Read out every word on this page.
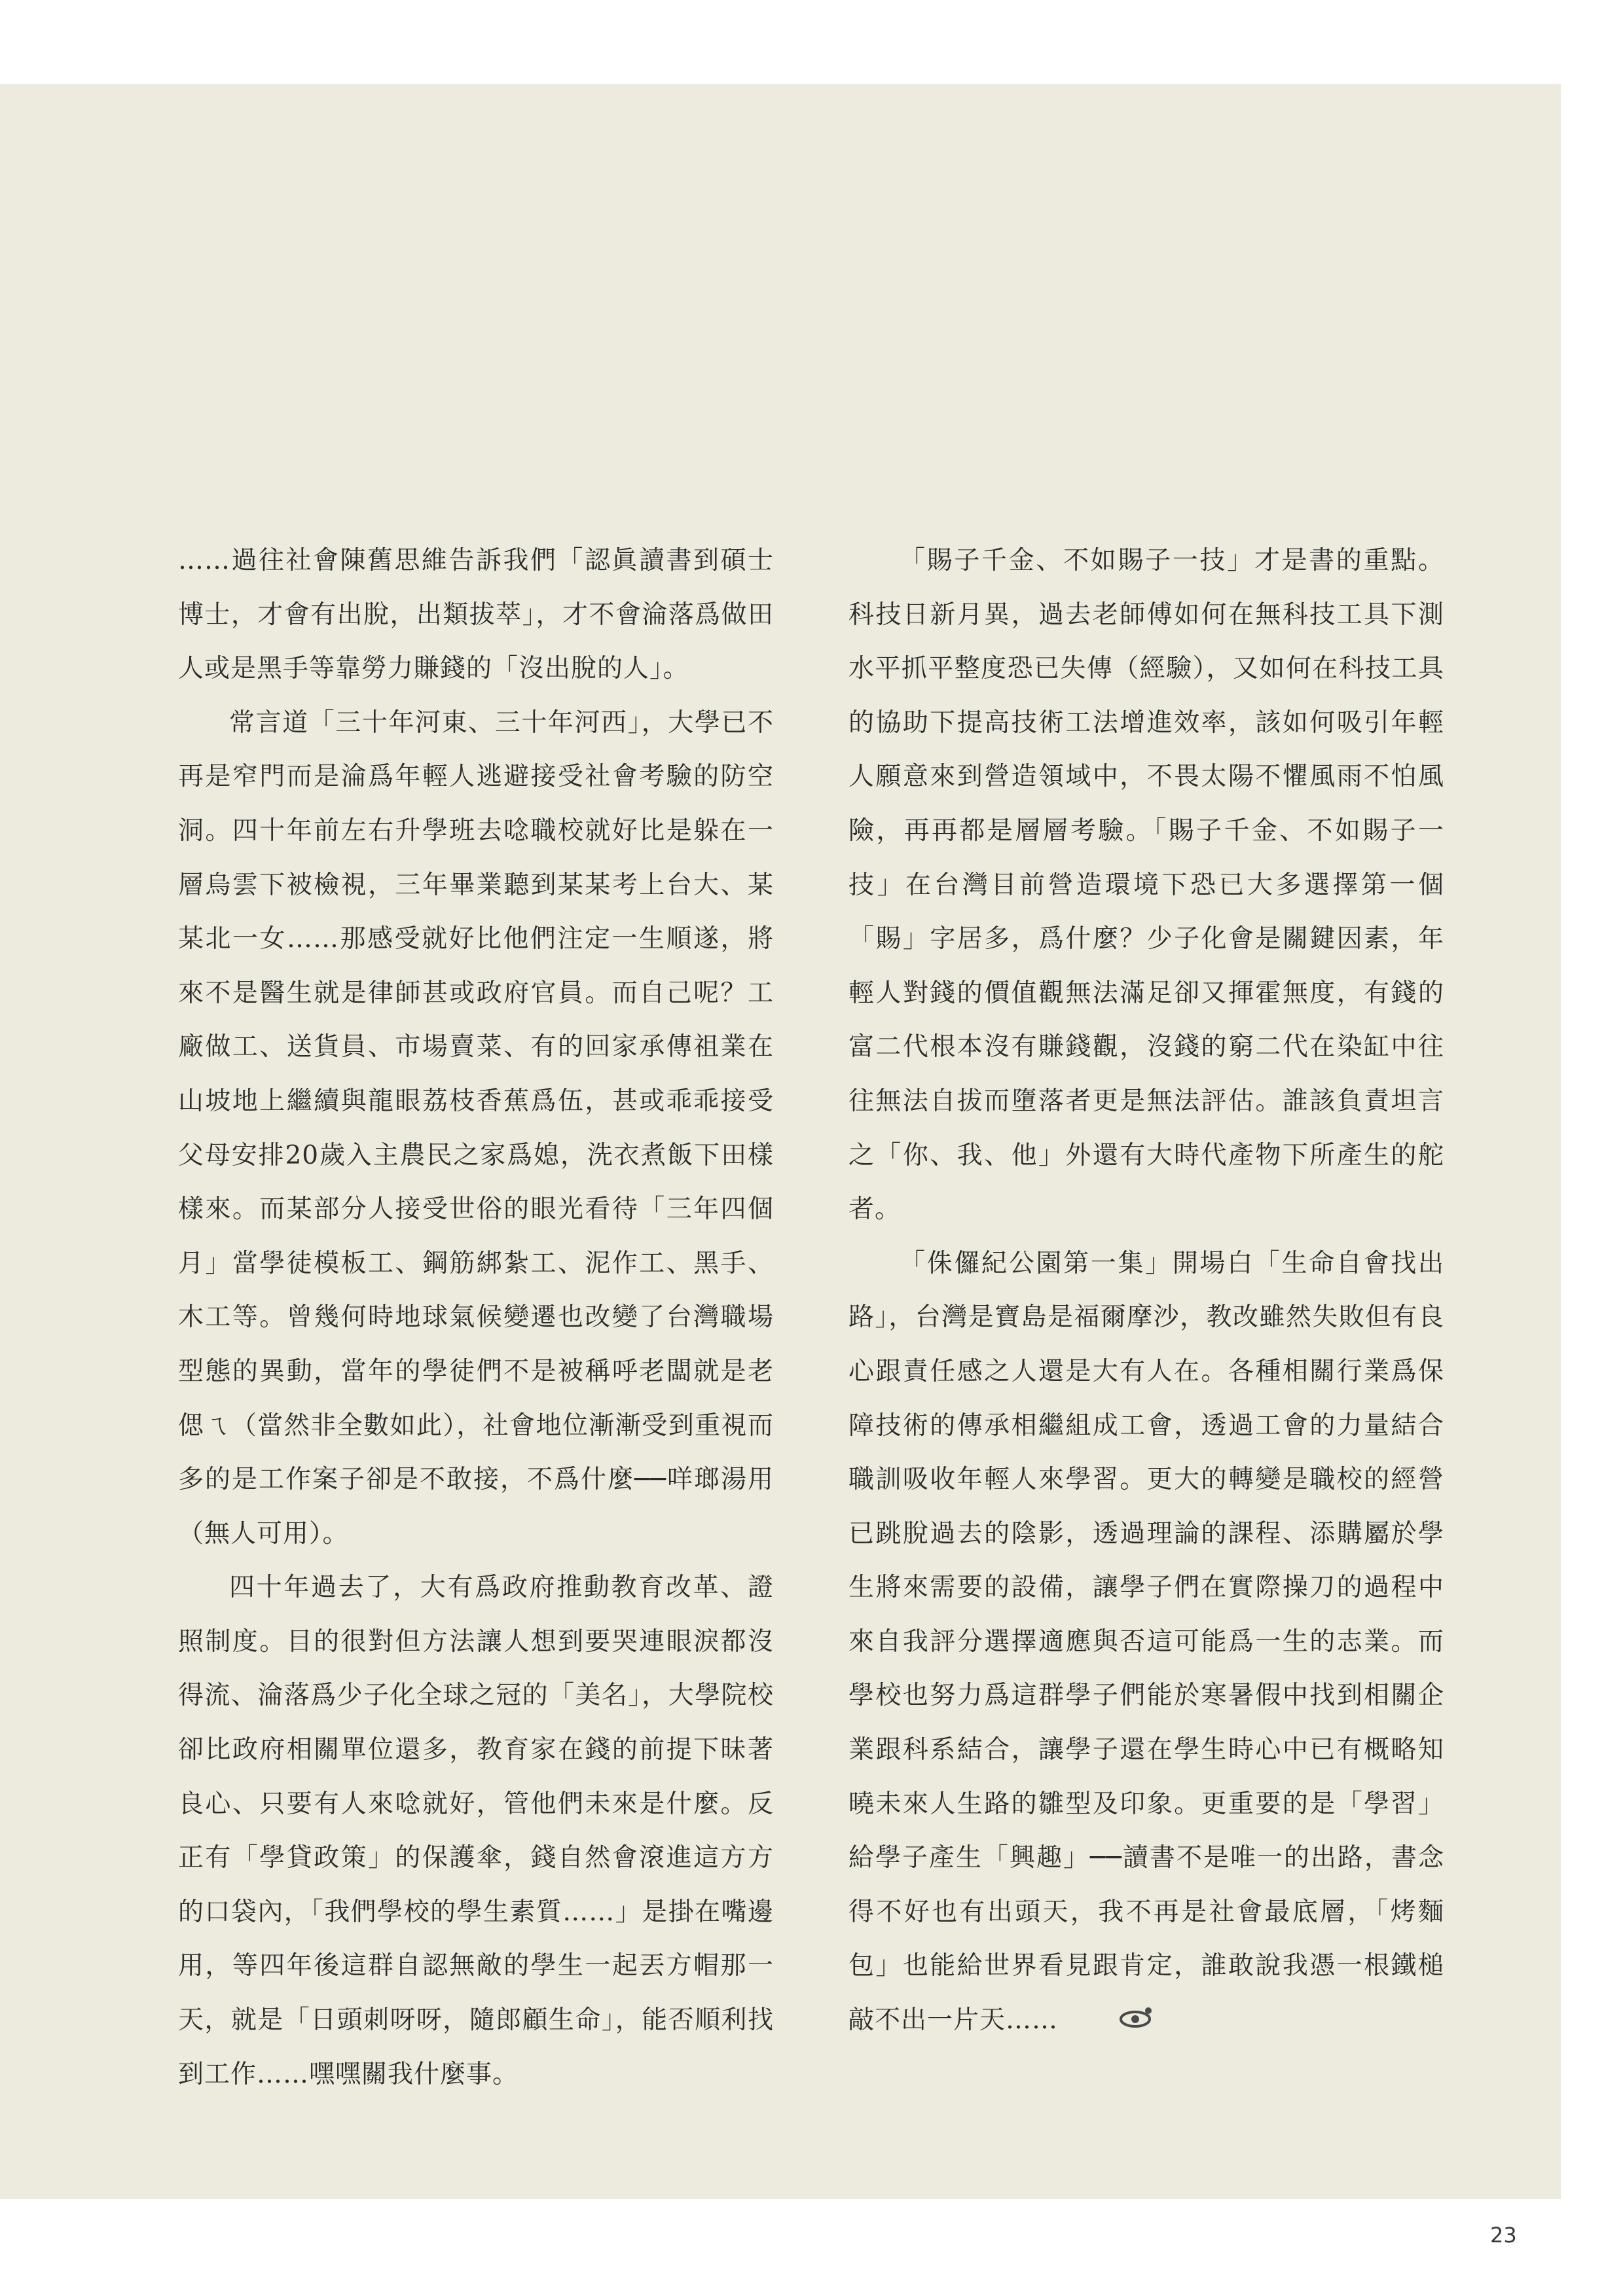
……過往社會陳舊思維告訴我們「認眞讀書到碩士博士，才會有出脫，出類拔萃」，才不會淪落爲做田人或是黑手等靠勞力賺錢的「沒出脫的人」。

常言道「三十年河東、三十年河西」，大學已不再是窄門而是淪爲年輕人逃避接受社會考驗的防空洞。四十年前左右升學班去唸職校就好比是躲在一層烏雲下被檢視，三年畢業聽到某某考上台大、某某北一女……那感受就好比他們注定一生順遂，將來不是醫生就是律師甚或政府官員。而自己呢？工廠做工、送貨員、市場賣菜、有的回家承傳祖業在山坡地上繼續與龍眼荔枝香蕉爲伍，甚或乖乖接受父母安排20歲入主農民之家爲媳，洗衣煮飯下田樣樣來。而某部分人接受世俗的眼光看待「三年四個月」當學徒模板工、鋼筋綁紮工、泥作工、黑手、木工等。曾幾何時地球氣候變遷也改變了台灣職場型態的異動，當年的學徒們不是被稱呼老闆就是老偲ㄟ（當然非全數如此），社會地位漸漸受到重視而多的是工作案子卻是不敢接，不爲什麼──咩瑯湯用（無人可用）。

四十年過去了，大有爲政府推動教育改革、證照制度。目的很對但方法讓人想到要哭連眼淚都沒得流、淪落爲少子化全球之冠的「美名」，大學院校卻比政府相關單位還多，教育家在錢的前提下昧著良心、只要有人來唸就好，管他們未來是什麼。反正有「學貸政策」的保護傘，錢自然會滾進這方方的口袋內，「我們學校的學生素質……」是掛在嘴邊用，等四年後這群自認無敵的學生一起丟方帽那一天，就是「日頭刺呀呀，隨郎顧生命」，能否順利找到工作……嘿嘿關我什麼事。

「賜子千金、不如賜子一技」才是書的重點。科技日新月異，過去老師傅如何在無科技工具下測水平抓平整度恐已失傳（經驗），又如何在科技工具的協助下提高技術工法增進效率，該如何吸引年輕人願意來到營造領域中，不畏太陽不懼風雨不怕風險，再再都是層層考驗。「賜子千金、不如賜子一技」在台灣目前營造環境下恐已大多選擇第一個「賜」字居多，爲什麼？少子化會是關鍵因素，年輕人對錢的價值觀無法滿足卻又揮霍無度，有錢的富二代根本沒有賺錢觀，沒錢的窮二代在染缸中往往無法自拔而墮落者更是無法評估。誰該負責坦言之「你、我、他」外還有大時代產物下所產生的舵者。

「侏儸紀公園第一集」開場白「生命自會找出路」，台灣是寶島是福爾摩沙，教改雖然失敗但有良心跟責任感之人還是大有人在。各種相關行業爲保障技術的傳承相繼組成工會，透過工會的力量結合職訓吸收年輕人來學習。更大的轉變是職校的經營已跳脫過去的陰影，透過理論的課程、添購屬於學生將來需要的設備，讓學子們在實際操刀的過程中來自我評分選擇適應與否這可能爲一生的志業。而學校也努力爲這群學子們能於寒暑假中找到相關企業跟科系結合，讓學子還在學生時心中已有概略知曉未來人生路的雛型及印象。更重要的是「學習」給學子產生「興趣」──讀書不是唯一的出路，書念得不好也有出頭天，我不再是社會最底層，「烤麵包」也能給世界看見跟肯定，誰敢說我憑一根鐵槌敲不出一片天……

23
